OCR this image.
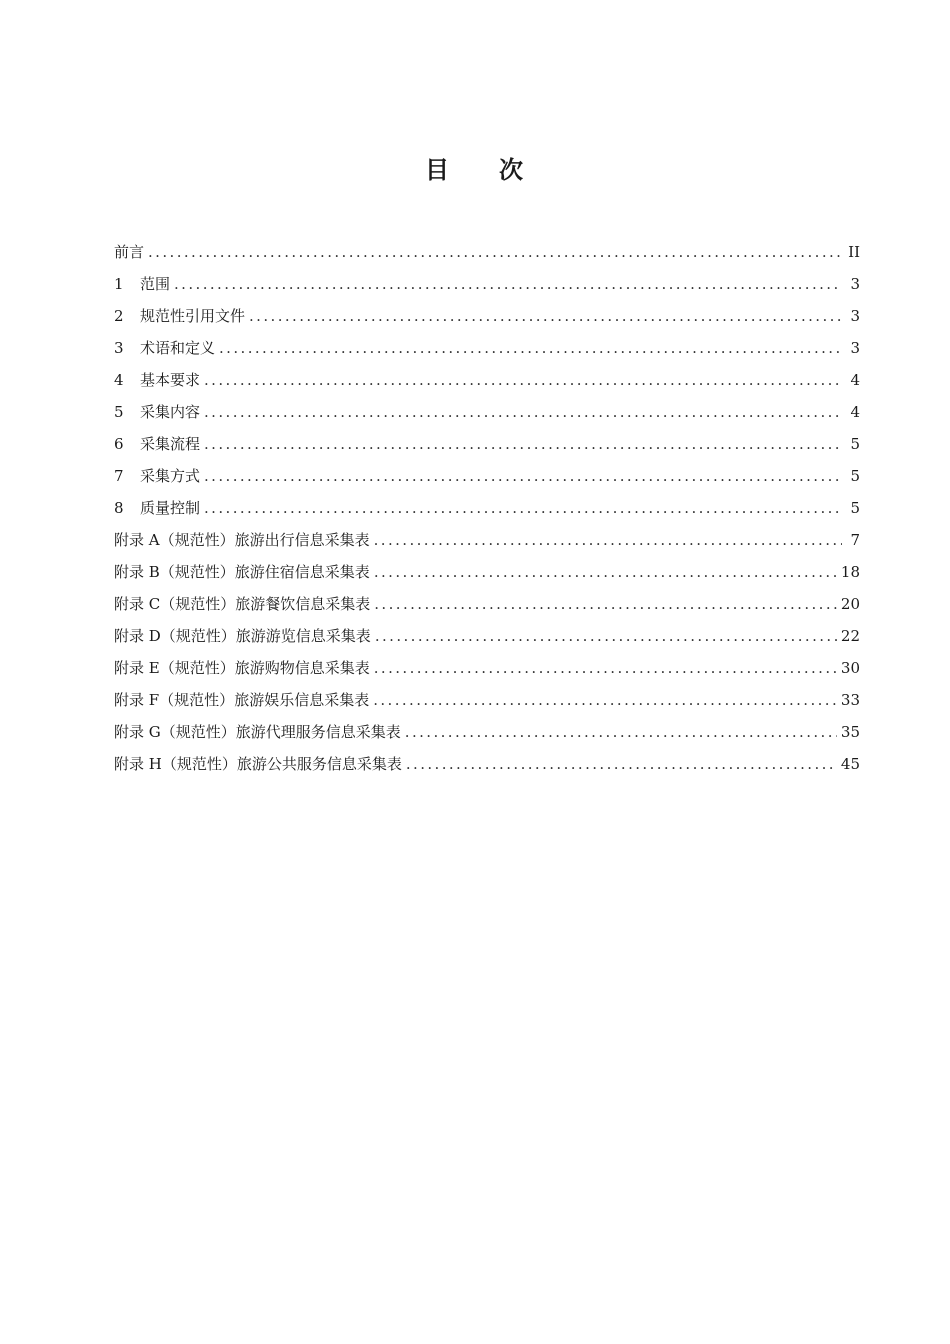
目 次
前言 .....	II
1	范围 .....	3
2	规范性引用文件 .....	3
3	术语和定义 .....	3
4	基本要求 .....	4
5	采集内容 .....	4
6	采集流程 .....	5
7	采集方式 .....	5
8	质量控制 .....	5
附录 A（规范性） 旅游出行信息采集表 .....	7
附录 B（规范性） 旅游住宿信息采集表 .....	18
附录 C（规范性） 旅游餐饮信息采集表 .....	20
附录 D（规范性） 旅游游览信息采集表 .....	22
附录 E（规范性） 旅游购物信息采集表 .....	30
附录 F（规范性） 旅游娱乐信息采集表 .....	33
附录 G（规范性） 旅游代理服务信息采集表 .....	35
附录 H（规范性） 旅游公共服务信息采集表 .....	45
